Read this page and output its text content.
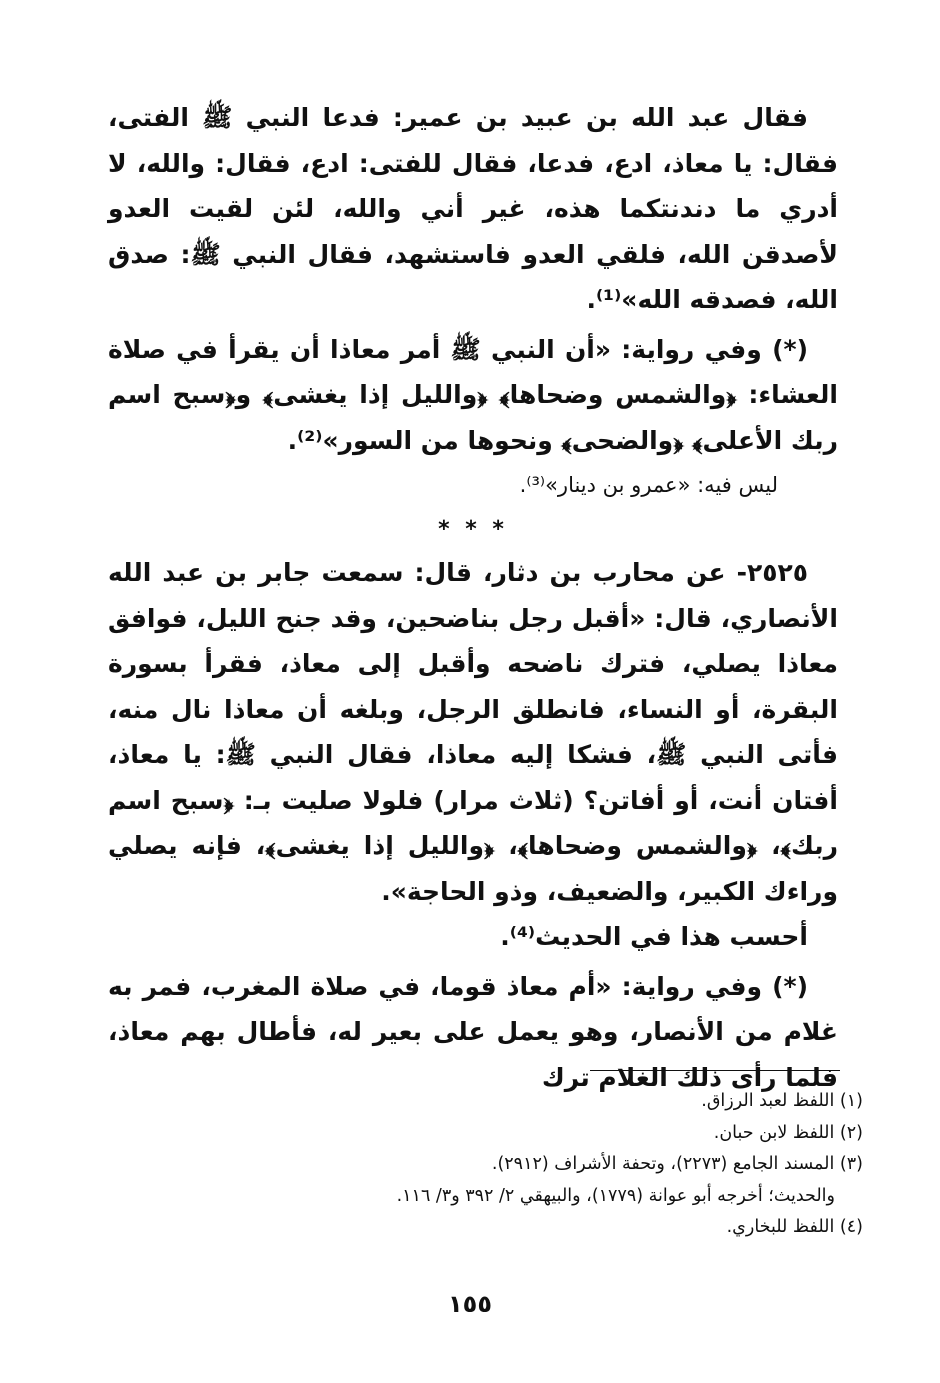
فقال عبد الله بن عبيد بن عمير: فدعا النبي ﷺ الفتى، فقال: يا معاذ، ادع، فدعا، فقال للفتى: ادع، فقال: والله، لا أدري ما دندنتكما هذه، غير أني والله، لئن لقيت العدو لأصدقن الله، فلقي العدو فاستشهد، فقال النبي ﷺ: صدق الله، فصدقه الله»⁽¹⁾.

(*) وفي رواية: «أن النبي ﷺ أمر معاذا أن يقرأ في صلاة العشاء: ﴿والشمس وضحاها﴾ ﴿والليل إذا يغشى﴾ و﴿سبح اسم ربك الأعلى﴾ ﴿والضحى﴾ ونحوها من السور»⁽²⁾.

ليس فيه: «عمرو بن دينار»⁽³⁾.

* * *

٢٥٢٥- عن محارب بن دثار، قال: سمعت جابر بن عبد الله الأنصاري، قال: «أقبل رجل بناضحين، وقد جنح الليل، فوافق معاذا يصلي، فترك ناضحه وأقبل إلى معاذ، فقرأ بسورة البقرة، أو النساء، فانطلق الرجل، وبلغه أن معاذا نال منه، فأتى النبي ﷺ، فشكا إليه معاذا، فقال النبي ﷺ: يا معاذ، أفتان أنت، أو أفاتن؟ (ثلاث مرار) فلولا صليت بـ: ﴿سبح اسم ربك﴾، ﴿والشمس وضحاها﴾، ﴿والليل إذا يغشى﴾، فإنه يصلي وراءك الكبير، والضعيف، وذو الحاجة».

أحسب هذا في الحديث⁽⁴⁾.

(*) وفي رواية: «أم معاذ قوما، في صلاة المغرب، فمر به غلام من الأنصار، وهو يعمل على بعير له، فأطال بهم معاذ، فلما رأى ذلك الغلام ترك

(١) اللفظ لعبد الرزاق.

(٢) اللفظ لابن حبان.

(٣) المسند الجامع (٢٢٧٣)، وتحفة الأشراف (٢٩١٢).

والحديث؛ أخرجه أبو عوانة (١٧٧٩)، والبيهقي ٢/ ٣٩٢ و٣/ ١١٦.

(٤) اللفظ للبخاري.

١٥٥
